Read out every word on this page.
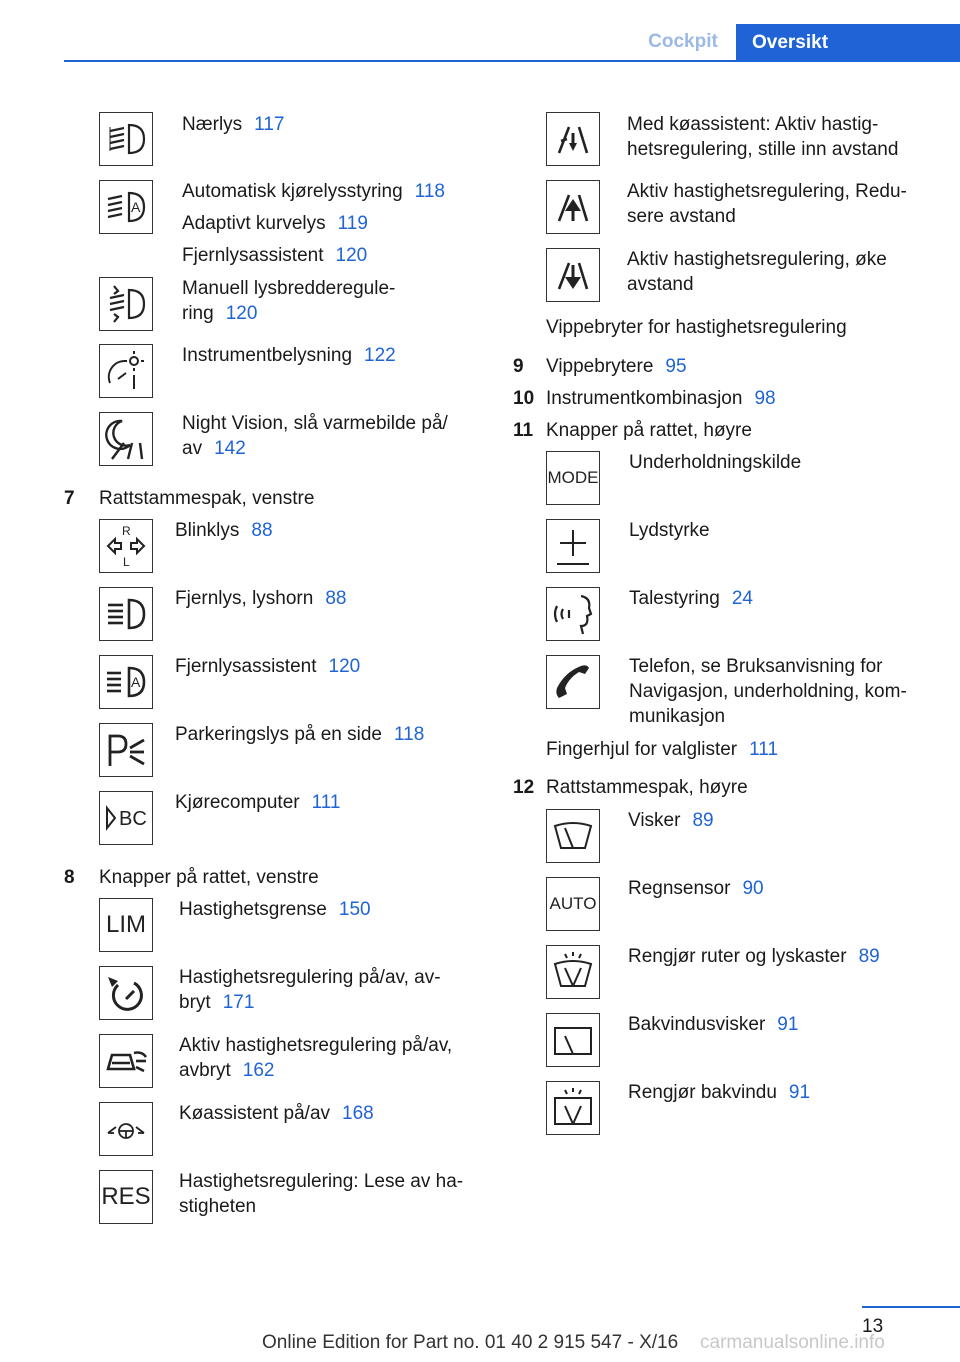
Cockpit	Oversikt
Nærlys 117
A
Automatisk kjørelysstyring 118
Adaptivt kurvelys 119
Fjernlysassistent 120
Manuell lysbredderegule-
ring 120
Instrumentbelysning 122
Night Vision, slå varmebilde på/
av 142
7 Rattstammespak, venstre
R
L
Blinklys 88
Fjernlys, lyshorn 88
A
Fjernlysassistent 120
Parkeringslys på en side 118
BC
Kjørecomputer 111
8 Knapper på rattet, venstre
LIM
Hastighetsgrense 150
Hastighetsregulering på/av, av-
bryt 171
Aktiv hastighetsregulering på/av,
avbryt 162
Køassistent på/av 168
RES
Hastighetsregulering: Lese av ha-
stigheten
Med køassistent: Aktiv hastig-
hetsregulering, stille inn avstand
Aktiv hastighetsregulering, Redu-
sere avstand
Aktiv hastighetsregulering, øke
avstand
Vippebryter for hastighetsregulering
9 Vippebrytere 95
10 Instrumentkombinasjon 98
11 Knapper på rattet, høyre
MODE
Underholdningskilde
Lydstyrke
Talestyring 24
Telefon, se Bruksanvisning for
Navigasjon, underholdning, kom-
munikasjon
Fingerhjul for valglister 111
12 Rattstammespak, høyre
Visker 89
AUTO
Regnsensor 90
Rengjør ruter og lyskaster 89
Bakvindusvisker 91
Rengjør bakvindu 91
13
Online Edition for Part no. 01 40 2 915 547 - X/16 carmanualsonline.info
